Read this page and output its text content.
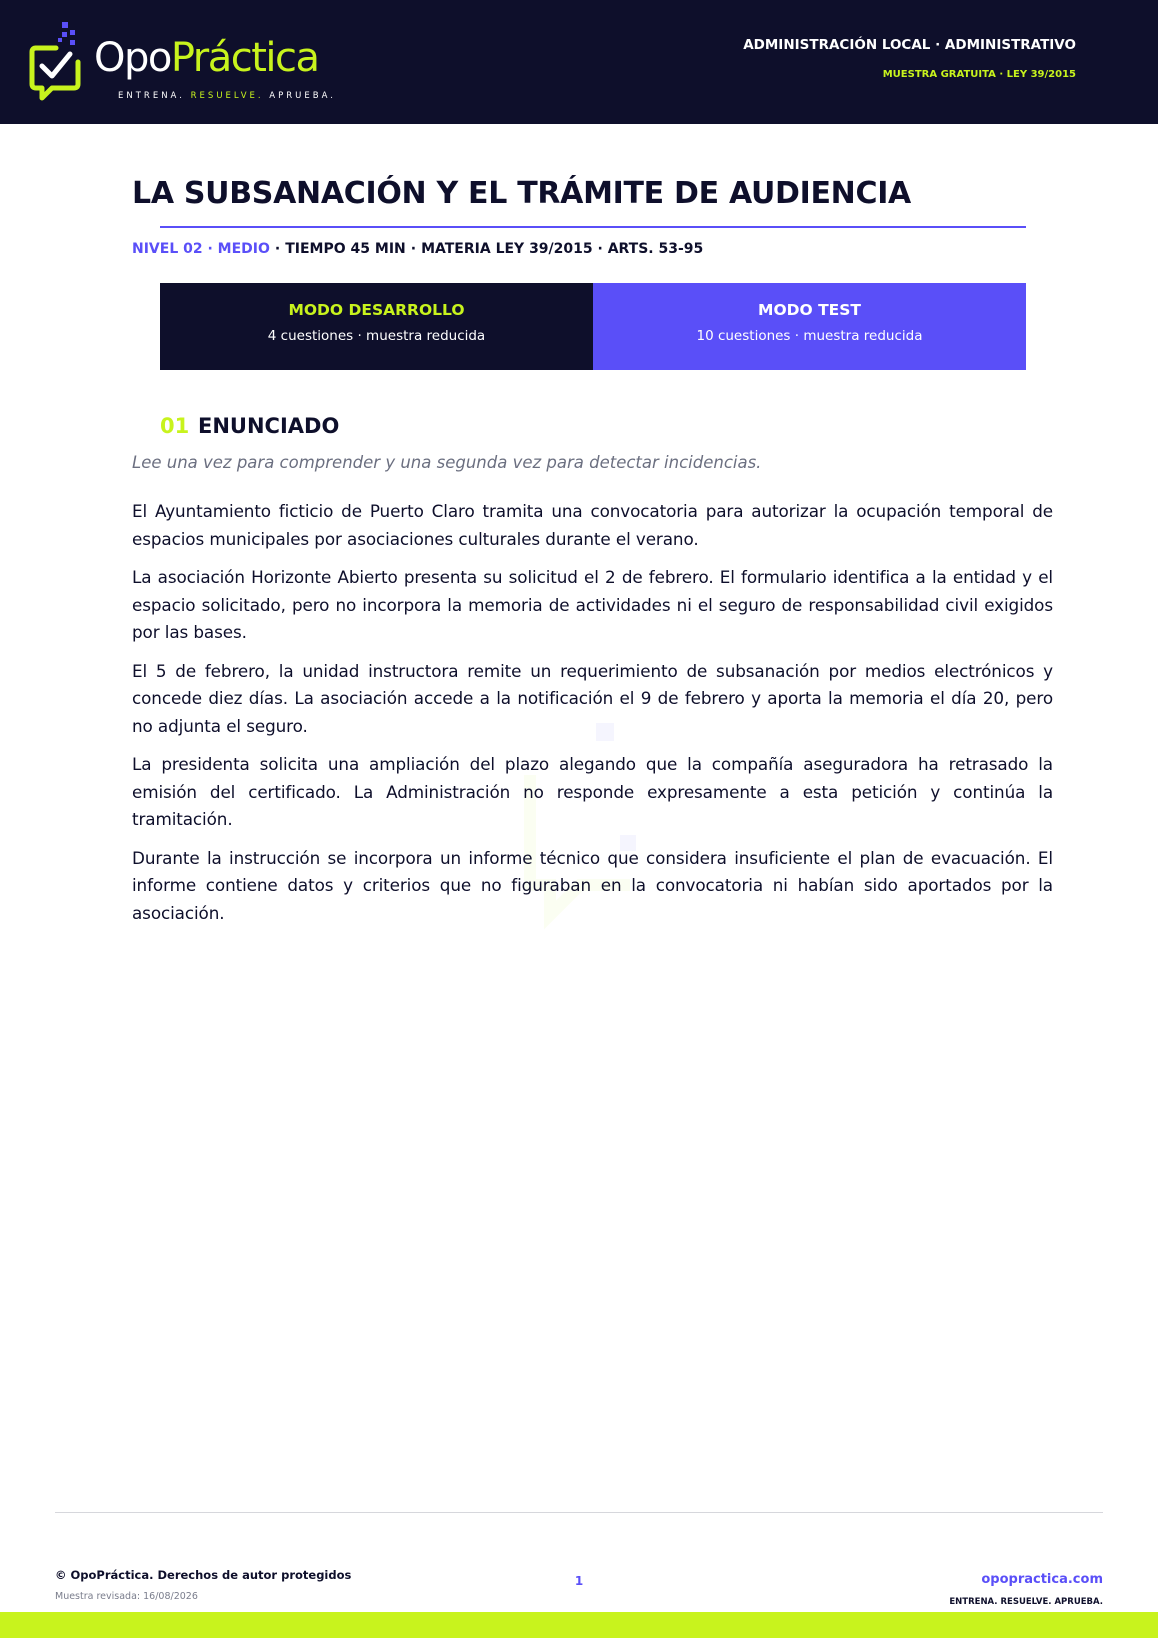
OpoPráctica
ENTRENA. RESUELVE. APRUEBA.
ADMINISTRACIÓN LOCAL · ADMINISTRATIVO
MUESTRA GRATUITA · LEY 39/2015
LA SUBSANACIÓN Y EL TRÁMITE DE AUDIENCIA
NIVEL 02 · MEDIO · TIEMPO 45 MIN · MATERIA LEY 39/2015 · ARTS. 53-95
MODO DESARROLLO
4 cuestiones · muestra reducida
MODO TEST
10 cuestiones · muestra reducida
01 ENUNCIADO
Lee una vez para comprender y una segunda vez para detectar incidencias.

El Ayuntamiento ficticio de Puerto Claro tramita una convocatoria para autorizar la ocupación temporal de espacios municipales por asociaciones culturales durante el verano.

La asociación Horizonte Abierto presenta su solicitud el 2 de febrero. El formulario identifica a la entidad y el espacio solicitado, pero no incorpora la memoria de actividades ni el seguro de responsabilidad civil exigidos por las bases.

El 5 de febrero, la unidad instructora remite un requerimiento de subsanación por medios electrónicos y concede diez días. La asociación accede a la notificación el 9 de febrero y aporta la memoria el día 20, pero no adjunta el seguro.

La presidenta solicita una ampliación del plazo alegando que la compañía aseguradora ha retrasado la emisión del certificado. La Administración no responde expresamente a esta petición y continúa la tramitación.

Durante la instrucción se incorpora un informe técnico que considera insuficiente el plan de evacuación. El informe contiene datos y criterios que no figuraban en la convocatoria ni habían sido aportados por la asociación.

© OpoPráctica. Derechos de autor protegidos
Muestra revisada: 16/08/2026
1	opopractica.com
ENTRENA. RESUELVE. APRUEBA.
